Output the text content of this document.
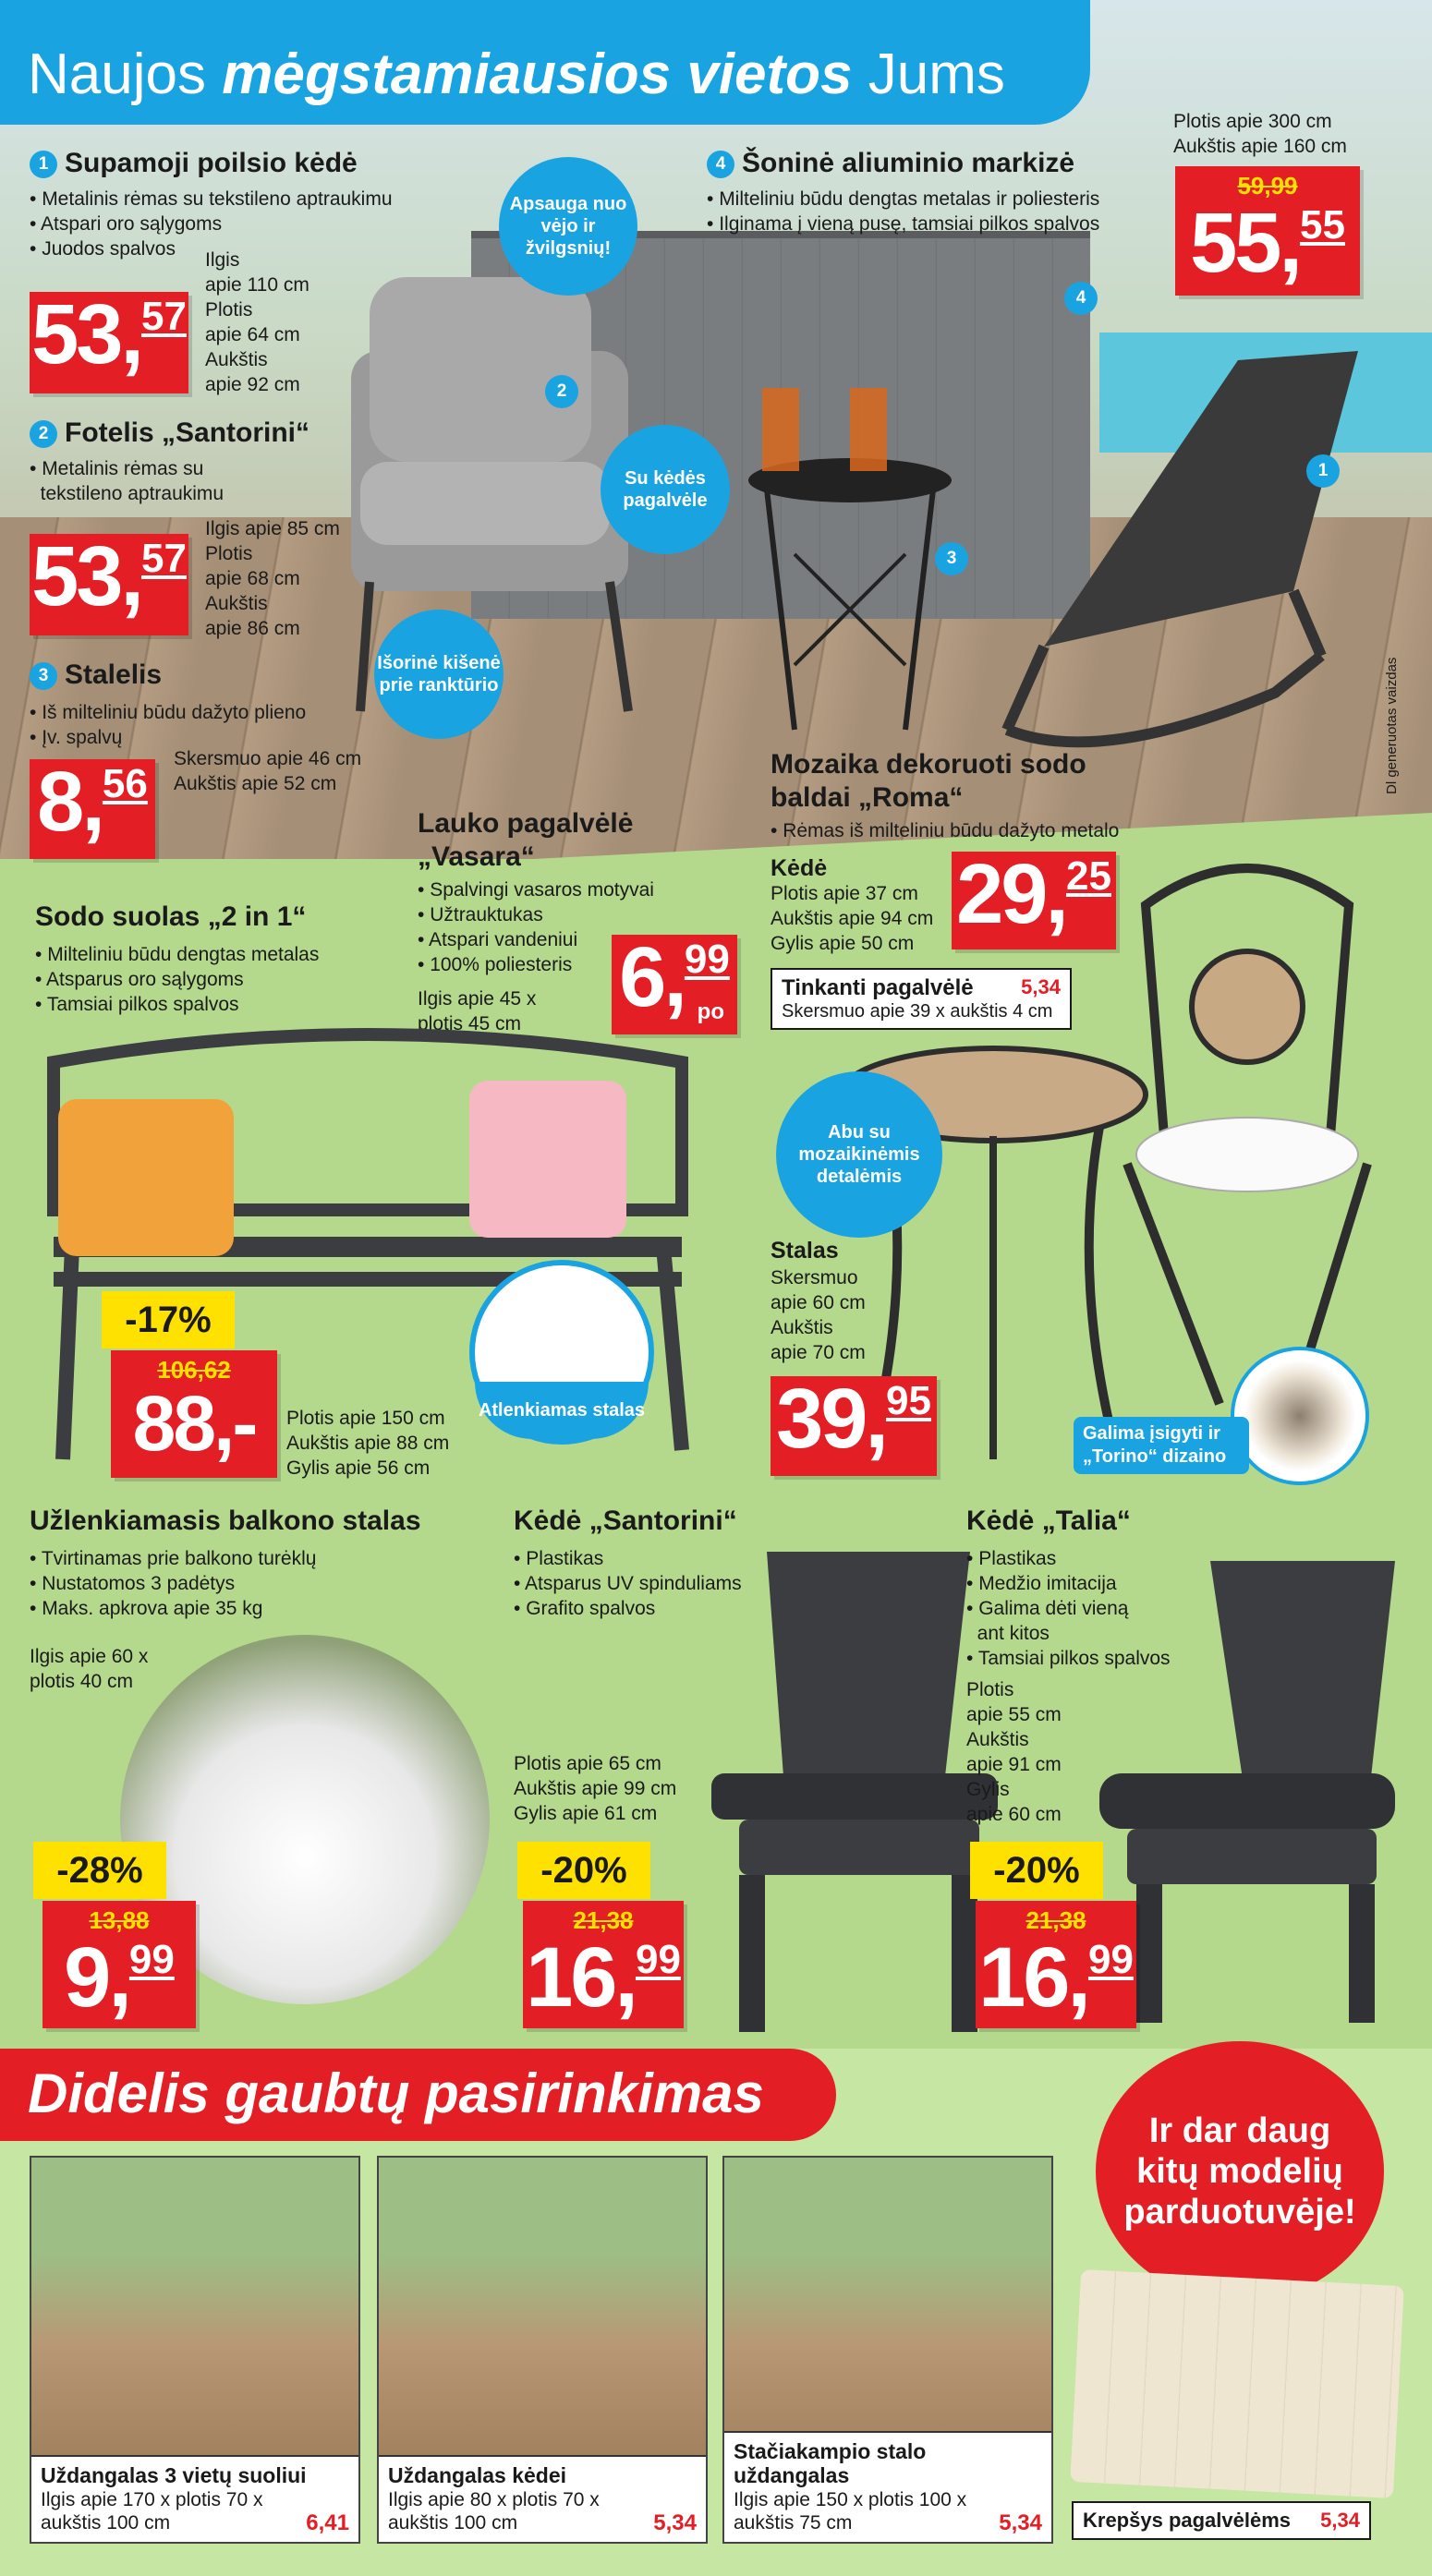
Naujos mėgstamiausios vietos Jums
2
4
1
3
Dl generuotas vaizdas
Apsauga nuo vėjo ir žvilgsnių!
Su kėdės pagalvėle
Išorinė kišenė prie ranktūrio
1 Supamoji poilsio kėdė
• Metalinis rėmas su tekstileno aptraukimu
• Atspari oro sąlygoms
• Juodos spalvos
Ilgis
apie 110 cm
Plotis
apie 64 cm
Aukštis
apie 92 cm
53,57
2 Fotelis „Santorini“
• Metalinis rėmas su
tekstileno aptraukimu
Ilgis apie 85 cm
Plotis
apie 68 cm
Aukštis
apie 86 cm
53,57
3 Stalelis
• Iš milteliniu būdu dažyto plieno
• Įv. spalvų
Skersmuo apie 46 cm
Aukštis apie 52 cm
8,56
4 Šoninė aliuminio markizė
• Milteliniu būdu dengtas metalas ir poliesteris
• Ilginama į vieną pusę, tamsiai pilkos spalvos
Plotis apie 300 cm
Aukštis apie 160 cm
59,99
55,55
Lauko pagalvėlė „Vasara“
• Spalvingi vasaros motyvai
• Užtrauktukas
• Atspari vandeniui
• 100% poliesteris
Ilgis apie 45 x
plotis 45 cm 6,99
po
Sodo suolas „2 in 1“
• Milteliniu būdu dengtas metalas
• Atsparus oro sąlygoms
• Tamsiai pilkos spalvos
Atlenkiamas stalas
-17%
106,62
88,-	Plotis apie 150 cm
Aukštis apie 88 cm
Gylis apie 56 cm
Mozaika dekoruoti sodo baldai „Roma“
• Rėmas iš milteliniu būdu dažyto metalo
Kėdė
Plotis apie 37 cm
Aukštis apie 94 cm
Gylis apie 50 cm
29,25
Tinkanti pagalvėlė 5,34
Skersmuo apie 39 x aukštis 4 cm
Abu su mozaikinėmis detalėmis
Stalas
Skersmuo
apie 60 cm
Aukštis
apie 70 cm
39,95
Galima įsigyti ir „Torino“ dizaino
Užlenkiamasis balkono stalas
• Tvirtinamas prie balkono turėklų
• Nustatomos 3 padėtys
• Maks. apkrova apie 35 kg
Ilgis apie 60 x
plotis 40 cm
-28%
13,88
9,99
Kėdė „Santorini“
• Plastikas
• Atsparus UV spinduliams
• Grafito spalvos
Plotis apie 65 cm
Aukštis apie 99 cm
Gylis apie 61 cm
-20%
21,38
16,99
Kėdė „Talia“
• Plastikas
• Medžio imitacija
• Galima dėti vieną
ant kitos
• Tamsiai pilkos spalvos
Plotis
apie 55 cm
Aukštis
apie 91 cm
Gylis
apie 60 cm
-20%
21,38
16,99
Didelis gaubtų pasirinkimas
Ir dar daug kitų modelių parduotuvėje!
Uždangalas 3 vietų suoliui
Ilgis apie 170 x plotis 70 x
aukštis 100 cm	6,41
Uždangalas kėdei
Ilgis apie 80 x plotis 70 x
aukštis 100 cm	5,34
Stačiakampio stalo uždangalas
Ilgis apie 150 x plotis 100 x
aukštis 75 cm	5,34	Krepšys pagalvėlėms 5,34
